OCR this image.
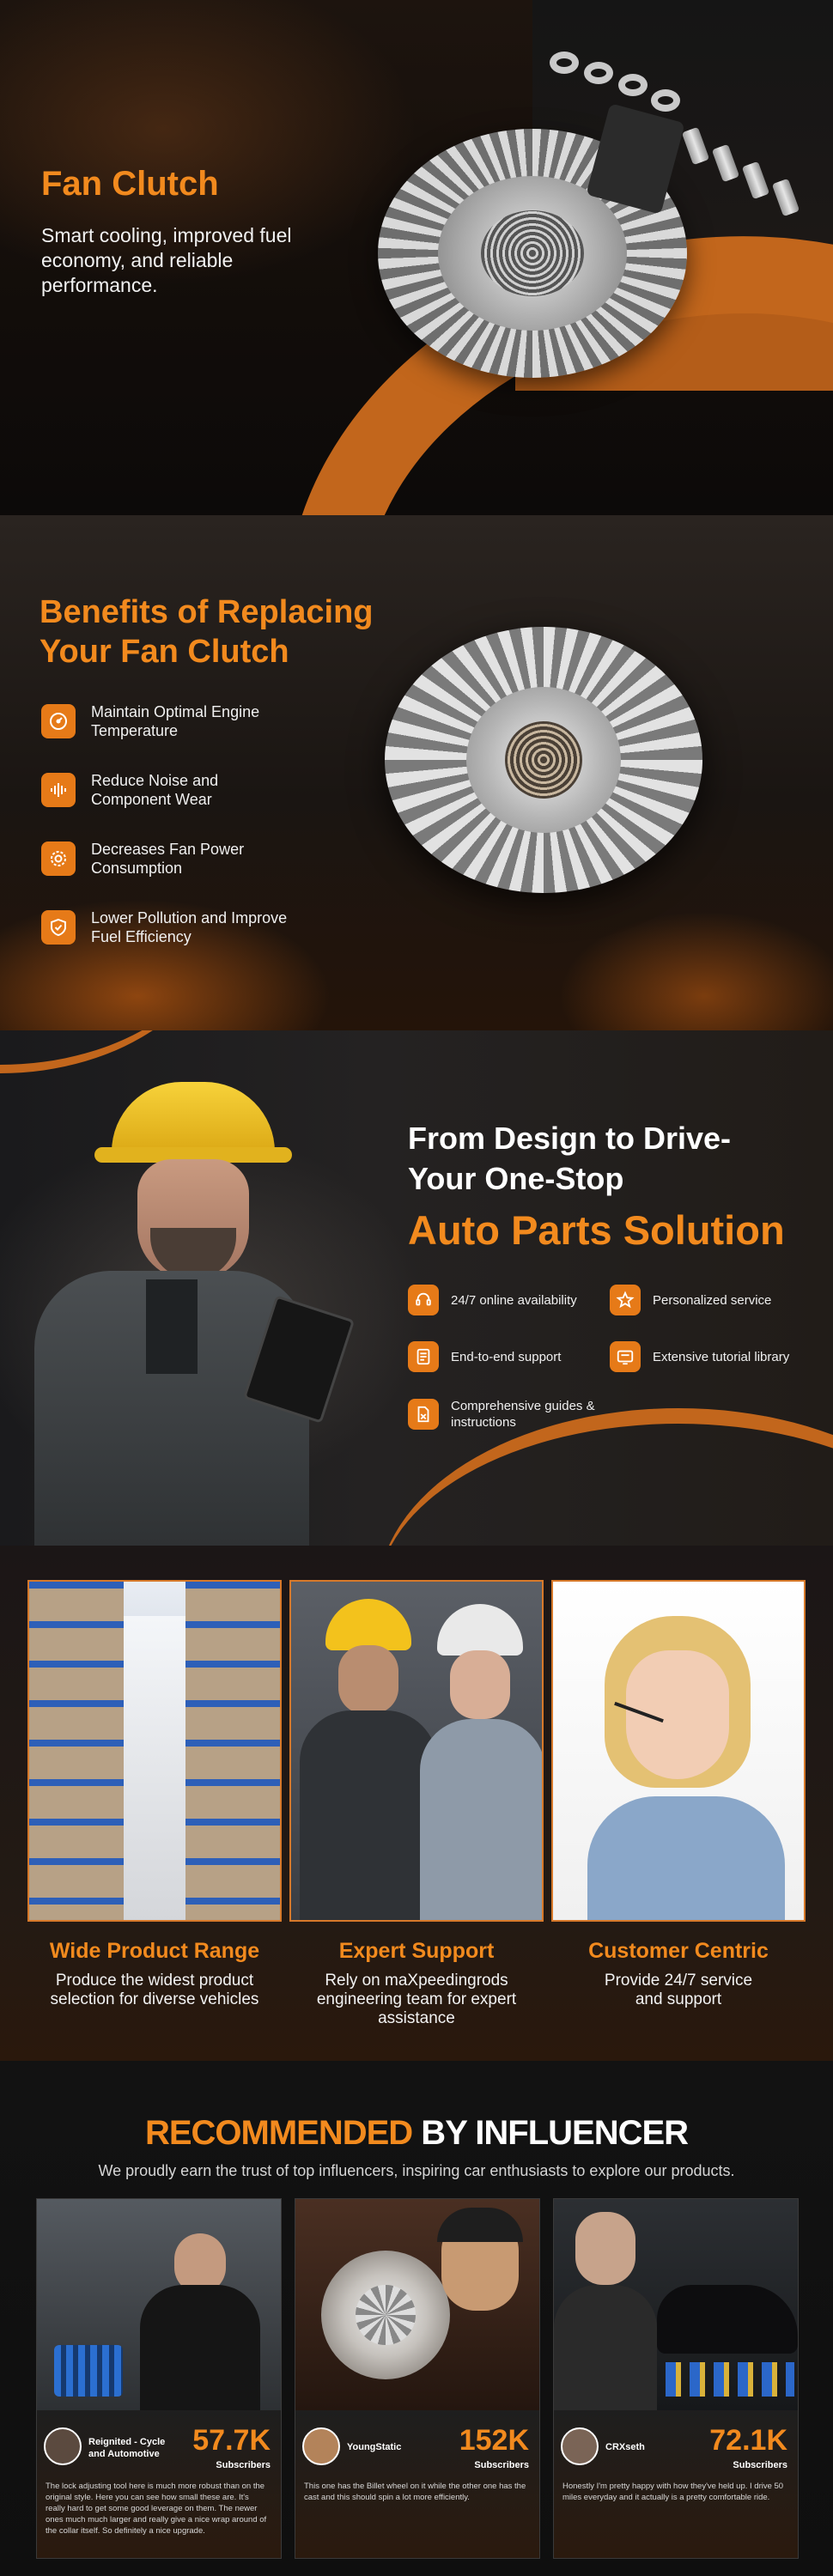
Fan Clutch

Smart cooling, improved fuel economy, and reliable performance.

Benefits of Replacing Your Fan Clutch
Maintain Optimal Engine Temperature
Reduce Noise and Component Wear
Decreases Fan Power Consumption
Lower Pollution and Improve Fuel Efficiency
From Design to Drive-
Your One-Stop
Auto Parts Solution
24/7 online availability	Personalized service
End-to-end support	Extensive tutorial library
Comprehensive guides & instructions
Wide Product Range

Produce the widest product selection for diverse vehicles

Expert Support

Rely on maXpeedingrods engineering team for expert assistance

Customer Centric

Provide 24/7 service and support

RECOMMENDED BY INFLUENCER

We proudly earn the trust of top influencers, inspiring car enthusiasts to explore our products.

Reignited - Cycle and Automotive	57.7K
Subscribers
The lock adjusting tool here is much more robust than on the original style. Here you can see how small these are. It's really hard to get some good leverage on them. The newer ones much much larger and really give a nice wrap around of the collar itself. So definitely a nice upgrade.
YoungStatic	152K
Subscribers
This one has the Billet wheel on it while the other one has the cast and this should spin a lot more efficiently.
CRXseth	72.1K
Subscribers
Honestly I'm pretty happy with how they've held up. I drive 50 miles everyday and it actually is a pretty comfortable ride.
